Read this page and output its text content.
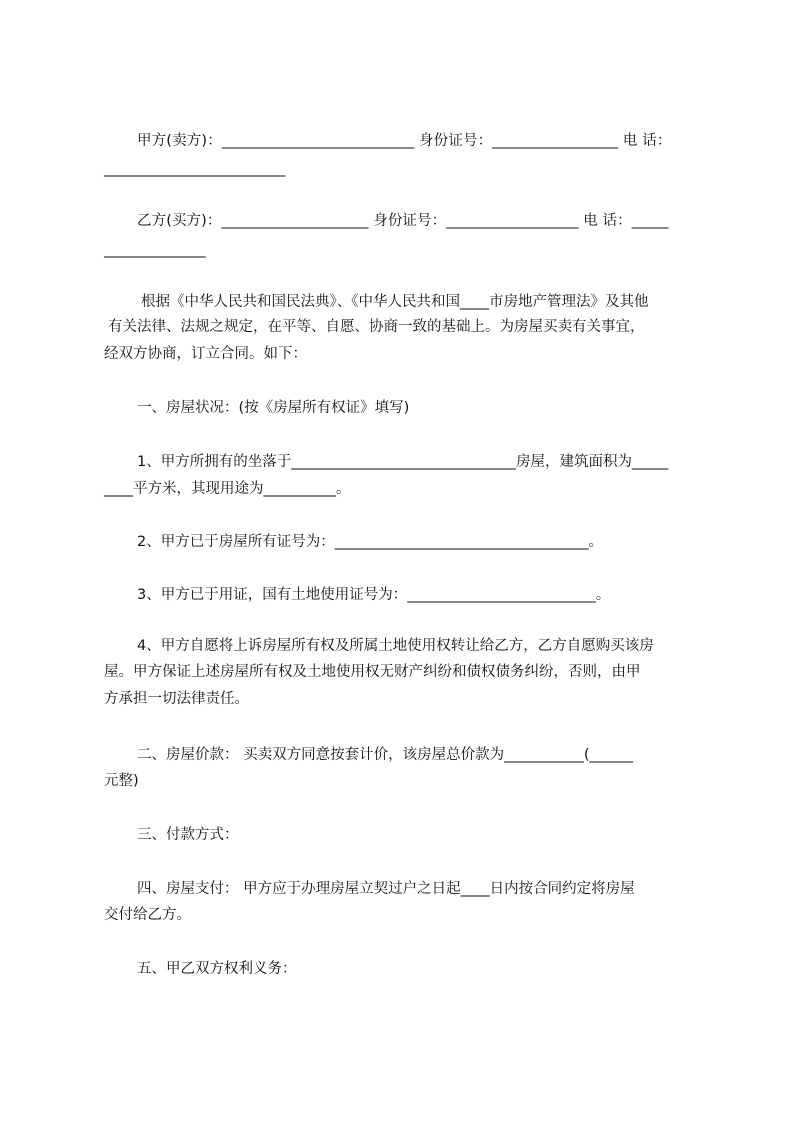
甲方(卖方)：__________________________ 身份证号：_________________ 电 话：

_________________________

乙方(买方)：____________________ 身份证号：__________________ 电 话：_____

______________

根据《中华人民共和国民法典》、《中华人民共和国____市房地产管理法》及其他

有关法律、法规之规定，在平等、自愿、协商一致的基础上。为房屋买卖有关事宜，

经双方协商，订立合同。如下：

一、房屋状况：(按《房屋所有权证》填写)

1、甲方所拥有的坐落于_______________________________房屋，建筑面积为_____

____平方米，其现用途为__________。

2、甲方已于房屋所有证号为：___________________________________。

3、甲方已于用证，国有土地使用证号为：__________________________。

4、甲方自愿将上诉房屋所有权及所属土地使用权转让给乙方，乙方自愿购买该房

屋。甲方保证上述房屋所有权及土地使用权无财产纠纷和债权债务纠纷，否则，由甲

方承担一切法律责任。

二、房屋价款： 买卖双方同意按套计价，该房屋总价款为___________(______

元整)

三、付款方式：

四、房屋支付： 甲方应于办理房屋立契过户之日起____日内按合同约定将房屋

交付给乙方。

五、甲乙双方权利义务：
